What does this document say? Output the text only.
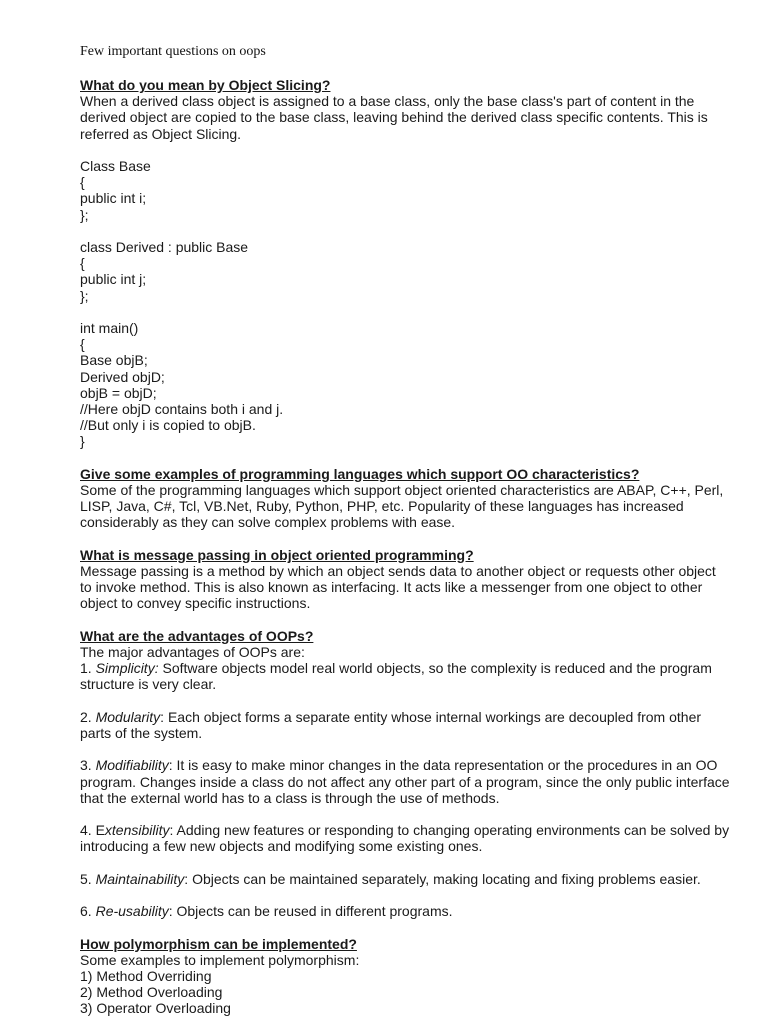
Few important questions on oops

What do you mean by Object Slicing?

When a derived class object is assigned to a base class, only the base class's part of content in the derived object are copied to the base class, leaving behind the derived class specific contents. This is referred as Object Slicing.

Class Base

{

public int i;

};

class Derived : public Base

{

public int j;

};

int main()

{

Base objB;

Derived objD;

objB = objD;

//Here objD contains both i and j.

//But only i is copied to objB.

}

Give some examples of programming languages which support OO characteristics?

Some of the programming languages which support object oriented characteristics are ABAP, C++, Perl, LISP, Java, C#, Tcl, VB.Net, Ruby, Python, PHP, etc. Popularity of these languages has increased considerably as they can solve complex problems with ease.

What is message passing in object oriented programming?

Message passing is a method by which an object sends data to another object or requests other object to invoke method. This is also known as interfacing. It acts like a messenger from one object to other object to convey specific instructions.

What are the advantages of OOPs?

The major advantages of OOPs are:

1. Simplicity: Software objects model real world objects, so the complexity is reduced and the program structure is very clear.

2. Modularity: Each object forms a separate entity whose internal workings are decoupled from other parts of the system.

3. Modifiability: It is easy to make minor changes in the data representation or the procedures in an OO program. Changes inside a class do not affect any other part of a program, since the only public interface that the external world has to a class is through the use of methods.

4. Extensibility: Adding new features or responding to changing operating environments can be solved by introducing a few new objects and modifying some existing ones.

5. Maintainability: Objects can be maintained separately, making locating and fixing problems easier.

6. Re-usability: Objects can be reused in different programs.

How polymorphism can be implemented?

Some examples to implement polymorphism:

1) Method Overriding

2) Method Overloading

3) Operator Overloading
